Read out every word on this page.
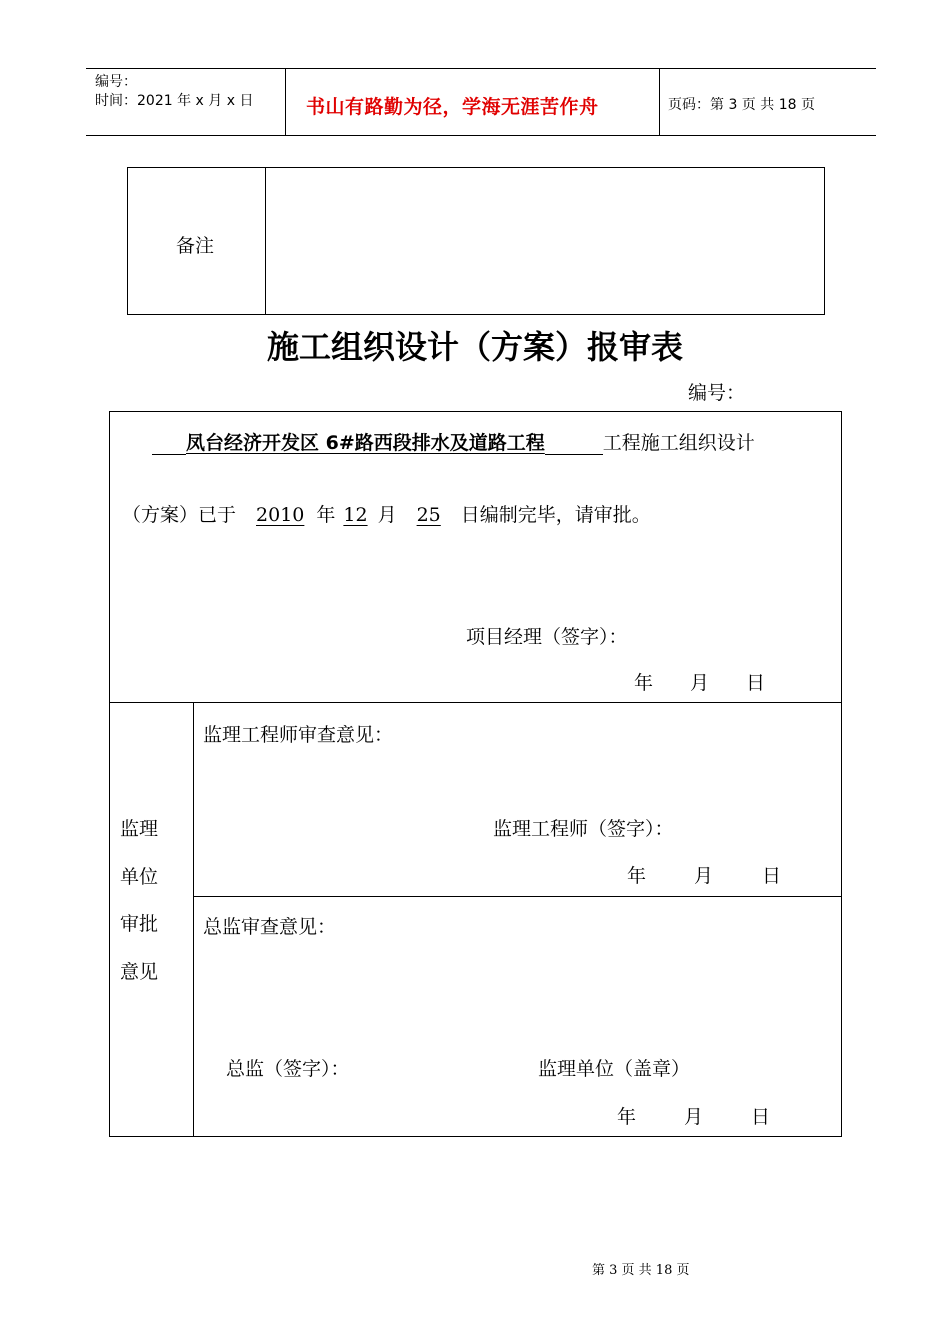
编号：
时间：2021 年 x 月 x 日	书山有路勤为径，学海无涯苦作舟	页码：第 3 页 共 18 页
备注
施工组织设计（方案）报审表
编号：
凤台经济开发区 6#路西段排水及道路工程	工程施工组织设计
（方案）已于 2010 年 12 月 25 日编制完毕，请审批。
项目经理（签字）：
年 月 日
监理
单位
审批
意见
监理工程师审查意见：
监理工程师（签字）：
年	月	日
总监审查意见：
总监（签字）：	监理单位（盖章）
年	月	日
第 3 页 共 18 页
